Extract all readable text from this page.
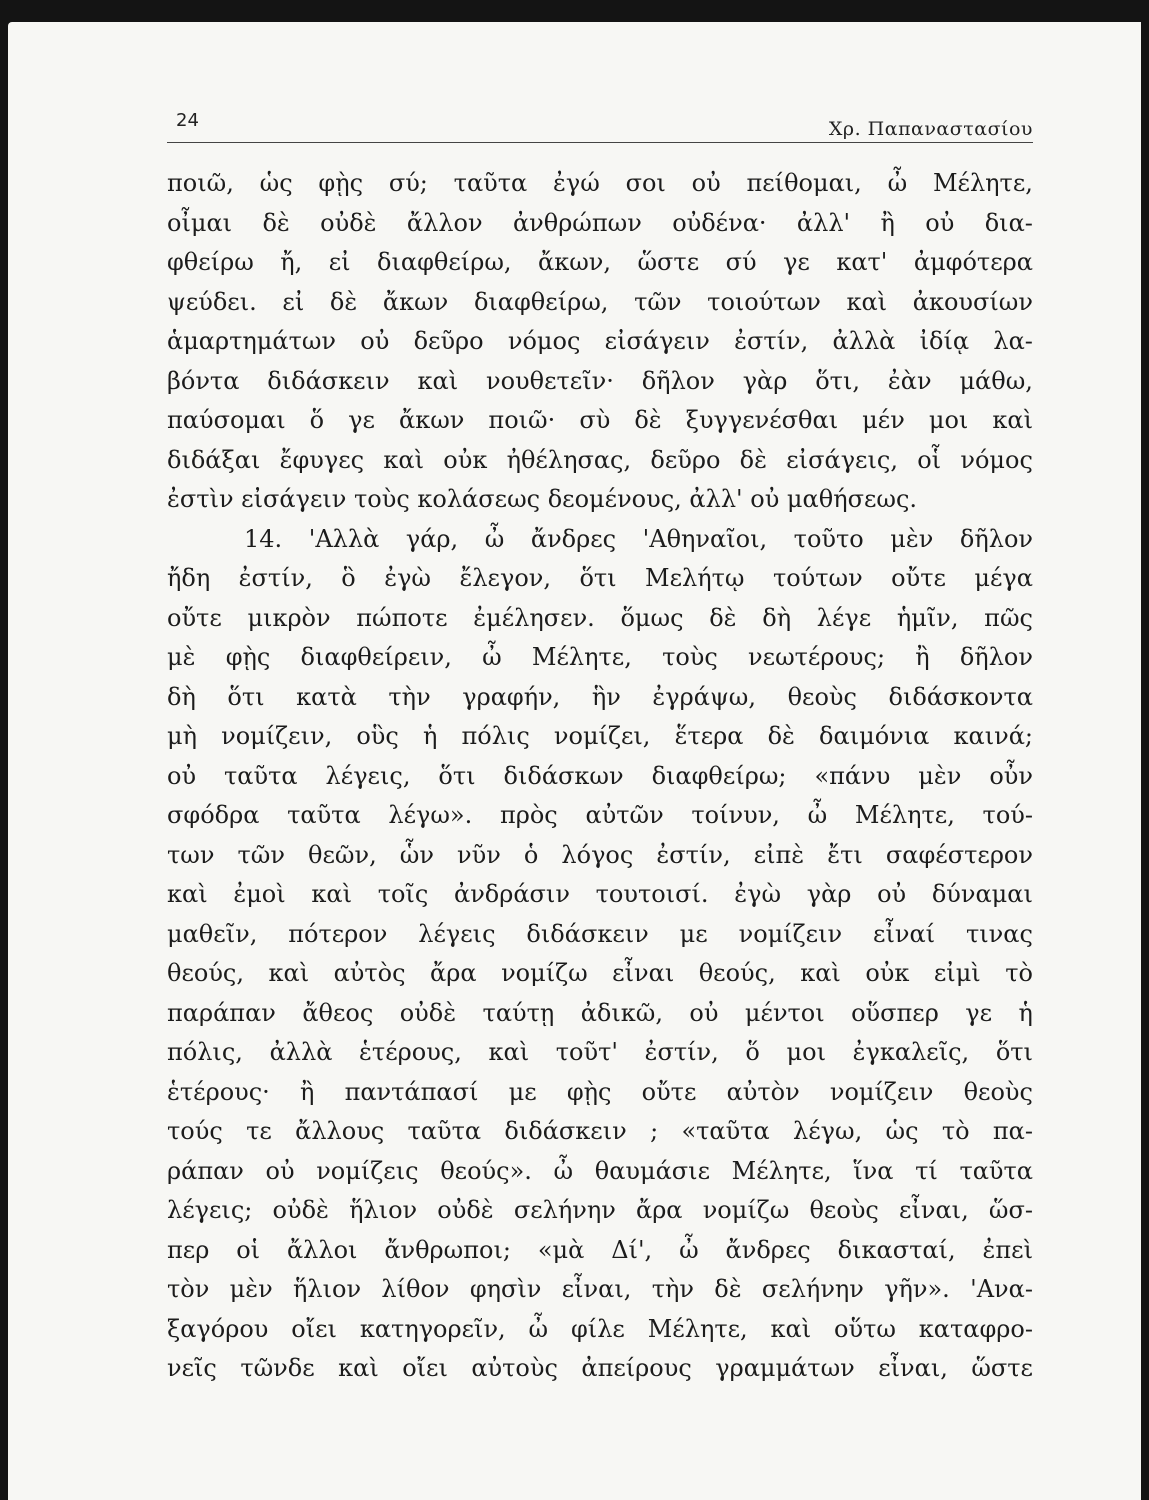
24	Χρ. Παπαναστασίου
ποιῶ, ὡς φῂς σύ; ταῦτα ἐγώ σοι οὐ πείθομαι, ὦ Μέλητε,
οἶμαι δὲ οὐδὲ ἄλλον ἀνθρώπων οὐδένα· ἀλλ' ἢ οὐ δια-
φθείρω ἤ, εἰ διαφθείρω, ἄκων, ὥστε σύ γε κατ' ἀμφότερα
ψεύδει. εἰ δὲ ἄκων διαφθείρω, τῶν τοιούτων καὶ ἀκουσίων
ἁμαρτημάτων οὐ δεῦρο νόμος εἰσάγειν ἐστίν, ἀλλὰ ἰδίᾳ λα-
βόντα διδάσκειν καὶ νουθετεῖν· δῆλον γὰρ ὅτι, ἐὰν μάθω,
παύσομαι ὅ γε ἄκων ποιῶ· σὺ δὲ ξυγγενέσθαι μέν μοι καὶ
διδάξαι ἔφυγες καὶ οὐκ ἠθέλησας, δεῦρο δὲ εἰσάγεις, οἷ νόμος
ἐστὶν εἰσάγειν τοὺς κολάσεως δεομένους, ἀλλ' οὐ μαθήσεως.
14. 'Αλλὰ γάρ, ὦ ἄνδρες 'Αθηναῖοι, τοῦτο μὲν δῆλον
ἤδη ἐστίν, ὃ ἐγὼ ἔλεγον, ὅτι Μελήτῳ τούτων οὔτε μέγα
οὔτε μικρὸν πώποτε ἐμέλησεν. ὅμως δὲ δὴ λέγε ἡμῖν, πῶς
μὲ φῂς διαφθείρειν, ὦ Μέλητε, τοὺς νεωτέρους; ἢ δῆλον
δὴ ὅτι κατὰ τὴν γραφήν, ἣν ἐγράψω, θεοὺς διδάσκοντα
μὴ νομίζειν, οὓς ἡ πόλις νομίζει, ἕτερα δὲ δαιμόνια καινά;
οὐ ταῦτα λέγεις, ὅτι διδάσκων διαφθείρω; «πάνυ μὲν οὖν
σφόδρα ταῦτα λέγω». πρὸς αὐτῶν τοίνυν, ὦ Μέλητε, τού-
των τῶν θεῶν, ὧν νῦν ὁ λόγος ἐστίν, εἰπὲ ἔτι σαφέστερον
καὶ ἐμοὶ καὶ τοῖς ἀνδράσιν τουτοισί. ἐγὼ γὰρ οὐ δύναμαι
μαθεῖν, πότερον λέγεις διδάσκειν με νομίζειν εἶναί τινας
θεούς, καὶ αὐτὸς ἄρα νομίζω εἶναι θεούς, καὶ οὐκ εἰμὶ τὸ
παράπαν ἄθεος οὐδὲ ταύτῃ ἀδικῶ, οὐ μέντοι οὕσπερ γε ἡ
πόλις, ἀλλὰ ἑτέρους, καὶ τοῦτ' ἐστίν, ὅ μοι ἐγκαλεῖς, ὅτι
ἑτέρους· ἢ παντάπασί με φῂς οὔτε αὐτὸν νομίζειν θεοὺς
τούς τε ἄλλους ταῦτα διδάσκειν ; «ταῦτα λέγω, ὡς τὸ πα-
ράπαν οὐ νομίζεις θεούς». ὦ θαυμάσιε Μέλητε, ἵνα τί ταῦτα
λέγεις; οὐδὲ ἥλιον οὐδὲ σελήνην ἄρα νομίζω θεοὺς εἶναι, ὥσ-
περ οἱ ἄλλοι ἄνθρωποι; «μὰ Δί', ὦ ἄνδρες δικασταί, ἐπεὶ
τὸν μὲν ἥλιον λίθον φησὶν εἶναι, τὴν δὲ σελήνην γῆν». 'Ανα-
ξαγόρου οἴει κατηγορεῖν, ὦ φίλε Μέλητε, καὶ οὕτω καταφρο-
νεῖς τῶνδε καὶ οἴει αὐτοὺς ἀπείρους γραμμάτων εἶναι, ὥστε
